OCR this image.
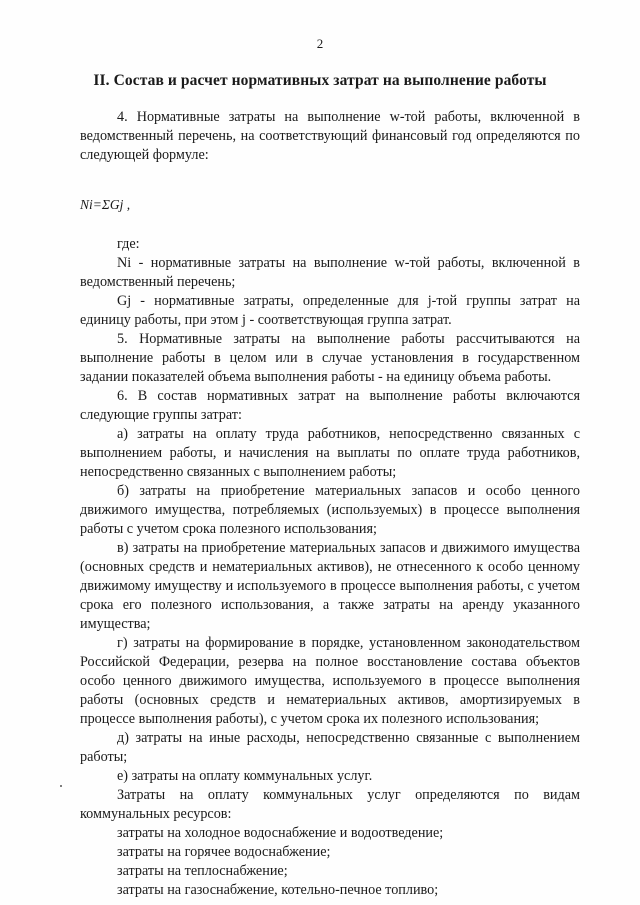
2
II. Состав и расчет нормативных затрат на выполнение работы

4. Нормативные затраты на выполнение w-той работы, включенной в ведомственный перечень, на соответствующий финансовый год определяются по следующей формуле:

Ni=ΣGj ,

где:

Ni - нормативные затраты на выполнение w-той работы, включенной в ведомственный перечень;

Gj - нормативные затраты, определенные для j-той группы затрат на единицу работы, при этом j - соответствующая группа затрат.

5. Нормативные затраты на выполнение работы рассчитываются на выполнение работы в целом или в случае установления в государственном задании показателей объема выполнения работы - на единицу объема работы.

6. В состав нормативных затрат на выполнение работы включаются следующие группы затрат:

а) затраты на оплату труда работников, непосредственно связанных с выполнением работы, и начисления на выплаты по оплате труда работников, непосредственно связанных с выполнением работы;

б) затраты на приобретение материальных запасов и особо ценного движимого имущества, потребляемых (используемых) в процессе выполнения работы с учетом срока полезного использования;

в) затраты на приобретение материальных запасов и движимого имущества (основных средств и нематериальных активов), не отнесенного к особо ценному движимому имуществу и используемого в процессе выполнения работы, с учетом срока его полезного использования, а также затраты на аренду указанного имущества;

г) затраты на формирование в порядке, установленном законодательством Российской Федерации, резерва на полное восстановление состава объектов особо ценного движимого имущества, используемого в процессе выполнения работы (основных средств и нематериальных активов, амортизируемых в процессе выполнения работы), с учетом срока их полезного использования;

д) затраты на иные расходы, непосредственно связанные с выполнением работы;

е) затраты на оплату коммунальных услуг.

Затраты на оплату коммунальных услуг определяются по видам коммунальных ресурсов:

затраты на холодное водоснабжение и водоотведение;

затраты на горячее водоснабжение;

затраты на теплоснабжение;

затраты на газоснабжение, котельно-печное топливо;
